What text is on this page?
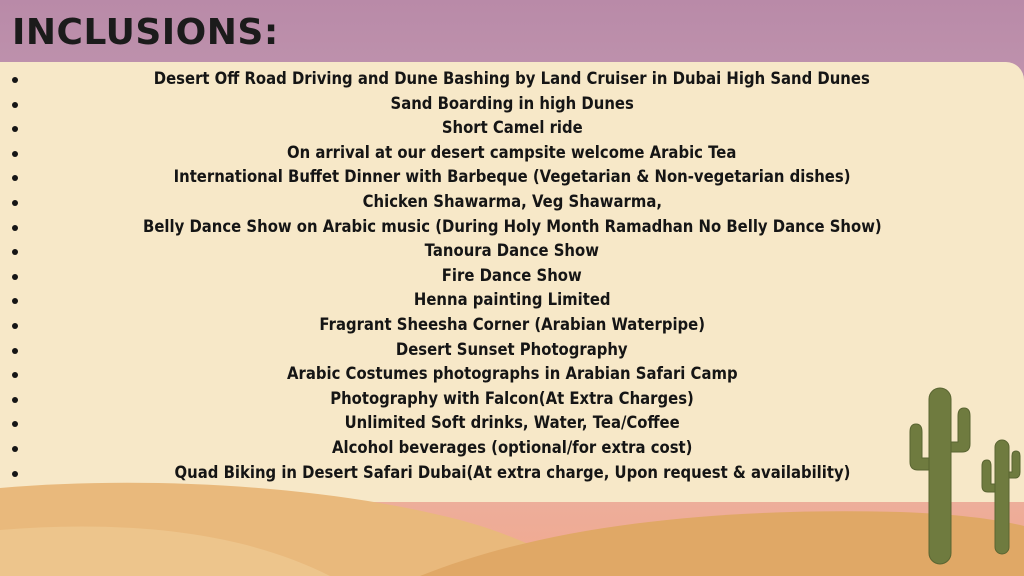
INCLUSIONS:
Desert Off Road Driving and Dune Bashing by Land Cruiser in Dubai High Sand Dunes
Sand Boarding in high Dunes
Short Camel ride
On arrival at our desert campsite welcome Arabic Tea
International Buffet Dinner with Barbeque (Vegetarian & Non-vegetarian dishes)
Chicken Shawarma, Veg Shawarma,
Belly Dance Show on Arabic music (During Holy Month Ramadhan No Belly Dance Show)
Tanoura Dance Show
Fire Dance Show
Henna painting Limited
Fragrant Sheesha Corner (Arabian Waterpipe)
Desert Sunset Photography
Arabic Costumes photographs in Arabian Safari Camp
Photography with Falcon(At Extra Charges)
Unlimited Soft drinks, Water, Tea/Coffee
Alcohol beverages (optional/for extra cost)
Quad Biking in Desert Safari Dubai(At extra charge, Upon request & availability)
